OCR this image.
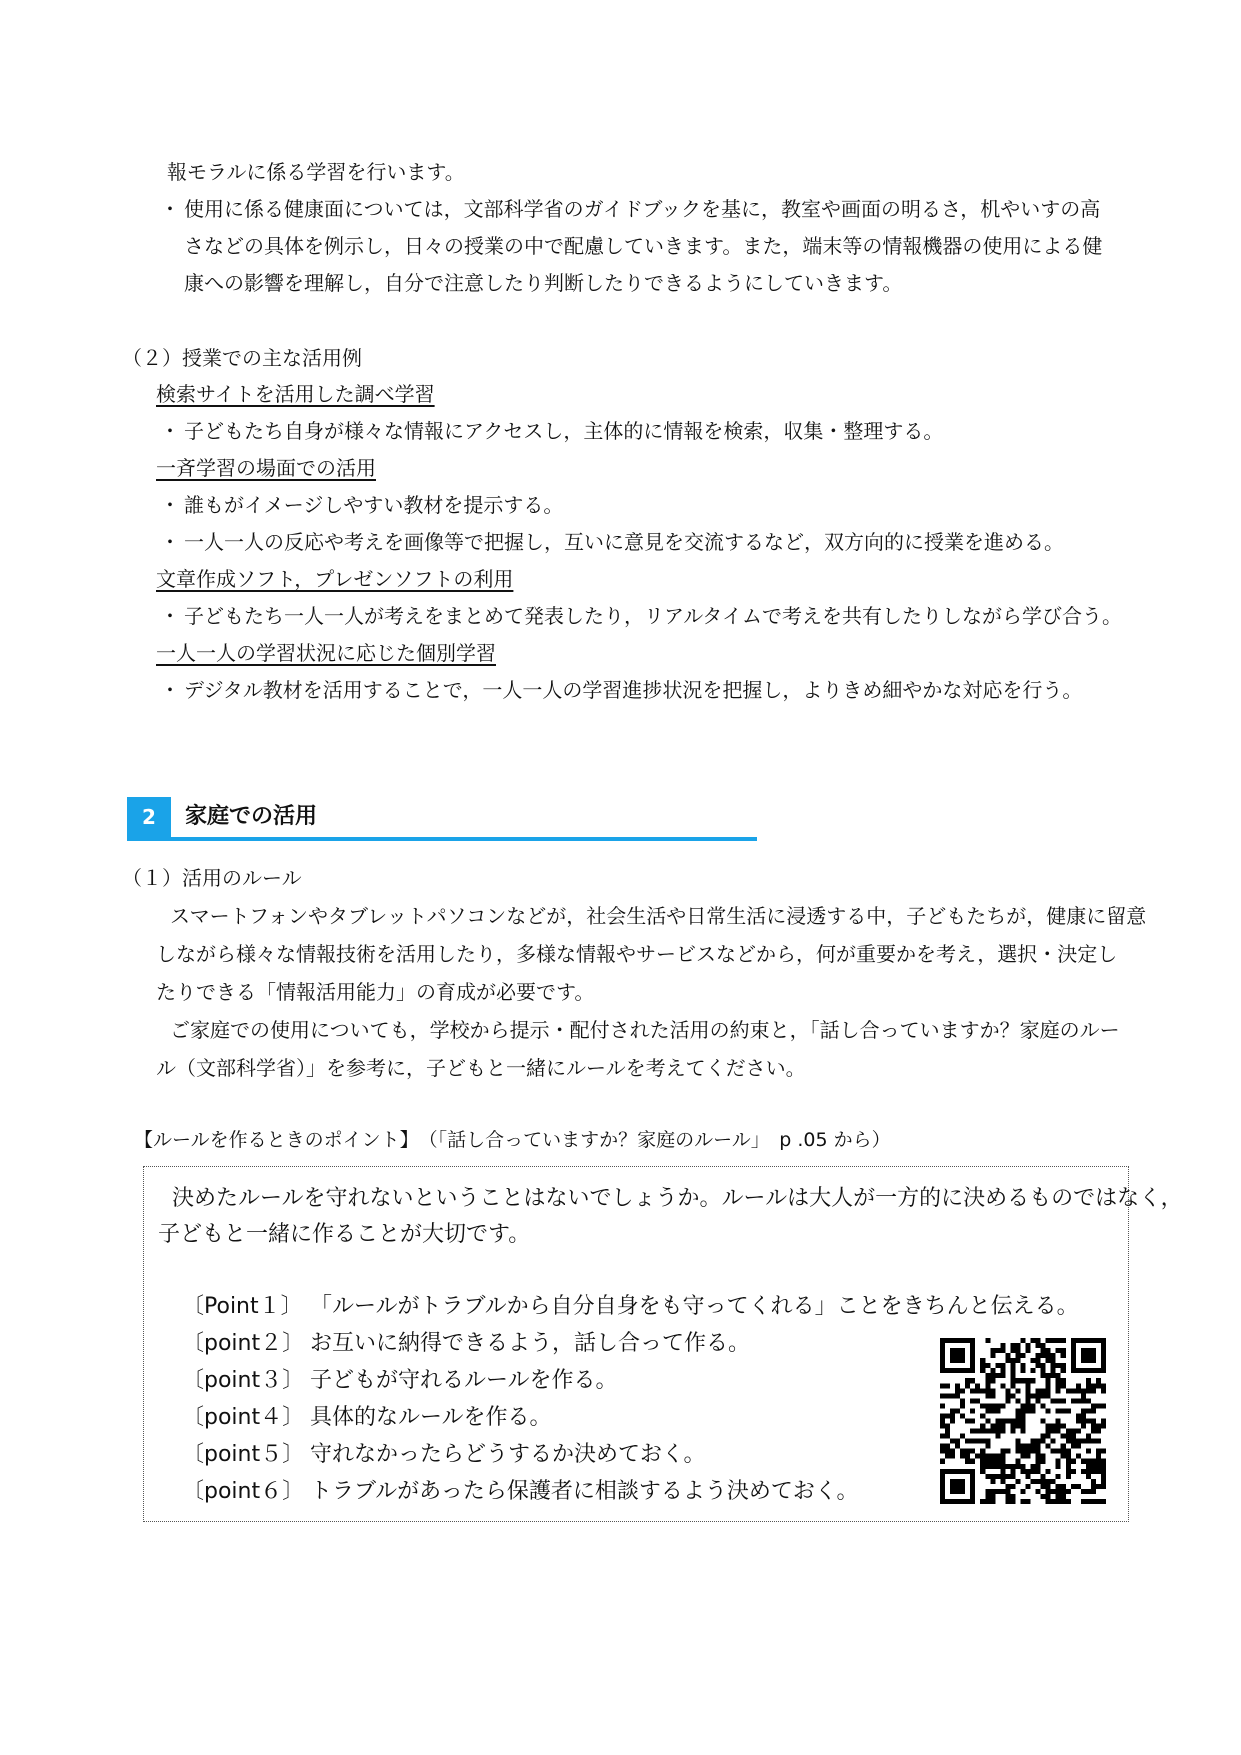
報モラルに係る学習を行います。
・ 使用に係る健康面については，文部科学省のガイドブックを基に，教室や画面の明るさ，机やいすの高
さなどの具体を例示し，日々の授業の中で配慮していきます。また，端末等の情報機器の使用による健
康への影響を理解し，自分で注意したり判断したりできるようにしていきます。
（２）授業での主な活用例
検索サイトを活用した調べ学習
・ 子どもたち自身が様々な情報にアクセスし，主体的に情報を検索，収集・整理する。
一斉学習の場面での活用
・ 誰もがイメージしやすい教材を提示する。
・ 一人一人の反応や考えを画像等で把握し，互いに意見を交流するなど，双方向的に授業を進める。
文章作成ソフト，プレゼンソフトの利用
・ 子どもたち一人一人が考えをまとめて発表したり，リアルタイムで考えを共有したりしながら学び合う。
一人一人の学習状況に応じた個別学習
・ デジタル教材を活用することで，一人一人の学習進捗状況を把握し，よりきめ細やかな対応を行う。
2	家庭での活用
（１）活用のルール
スマートフォンやタブレットパソコンなどが，社会生活や日常生活に浸透する中，子どもたちが，健康に留意
しながら様々な情報技術を活用したり，多様な情報やサービスなどから，何が重要かを考え，選択・決定し
たりできる「情報活用能力」の育成が必要です。
ご家庭での使用についても，学校から提示・配付された活用の約束と，「話し合っていますか？家庭のルー
ル（文部科学省）」を参考に，子どもと一緒にルールを考えてください。
【ルールを作るときのポイント】　（「話し合っていますか？家庭のルール」　p .05 から）
決めたルールを守れないということはないでしょうか。ルールは大人が一方的に決めるものではなく，
子どもと一緒に作ることが大切です。
〔Point１〕 「ルールがトラブルから自分自身をも守ってくれる」ことをきちんと伝える。
〔point２〕 お互いに納得できるよう，話し合って作る。
〔point３〕 子どもが守れるルールを作る。
〔point４〕 具体的なルールを作る。
〔point５〕 守れなかったらどうするか決めておく。
〔point６〕 トラブルがあったら保護者に相談するよう決めておく。
